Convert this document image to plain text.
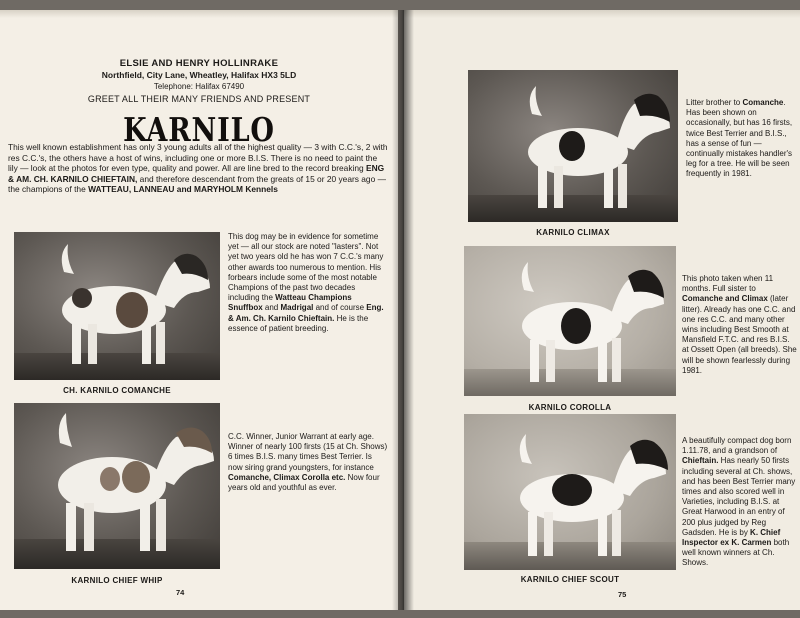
ELSIE AND HENRY HOLLINRAKE
Northfield, City Lane, Wheatley, Halifax HX3 5LD
Telephone: Halifax 67490
GREET ALL THEIR MANY FRIENDS AND PRESENT
KARNILO
This well known establishment has only 3 young adults all of the highest quality — 3 with C.C.'s, 2 with res C.C.'s, the others have a host of wins, including one or more B.I.S. There is no need to paint the lily — look at the photos for even type, quality and power. All are line bred to the record breaking ENG & AM. CH. KARNILO CHIEFTAIN, and therefore descendant from the greats of 15 or 20 years ago — the champions of the WATTEAU, LANNEAU and MARYHOLM Kennels
CH. KARNILO COMANCHE
This dog may be in evidence for sometime yet — all our stock are noted "lasters". Not yet two years old he has won 7 C.C.'s many other awards too numerous to mention. His forbears include some of the most notable Champions of the past two decades including the Watteau Champions Snuffbox and Madrigal and of course Eng. & Am. Ch. Karnilo Chieftain. He is the essence of patient breeding.
KARNILO CHIEF WHIP
C.C. Winner, Junior Warrant at early age. Winner of nearly 100 firsts (15 at Ch. Shows) 6 times B.I.S. many times Best Terrier. Is now siring grand youngsters, for instance Comanche, Climax Corolla etc. Now four years old and youthful as ever.
74
KARNILO CLIMAX
Litter brother to Comanche. Has been shown on occasionally, but has 16 firsts, twice Best Terrier and B.I.S., has a sense of fun — continually mistakes handler's leg for a tree. He will be seen frequently in 1981.
KARNILO COROLLA
This photo taken when 11 months. Full sister to Comanche and Climax (later litter). Already has one C.C. and one res C.C. and many other wins including Best Smooth at Mansfield F.T.C. and res B.I.S. at Ossett Open (all breeds). She will be shown fearlessly during 1981.
KARNILO CHIEF SCOUT
A beautifully compact dog born 1.11.78, and a grandson of Chieftain. Has nearly 50 firsts including several at Ch. shows, and has been Best Terrier many times and also scored well in Varieties, including B.I.S. at Great Harwood in an entry of 200 plus judged by Reg Gadsden. He is by K. Chief Inspector ex K. Carmen both well known winners at Ch. Shows.
75
